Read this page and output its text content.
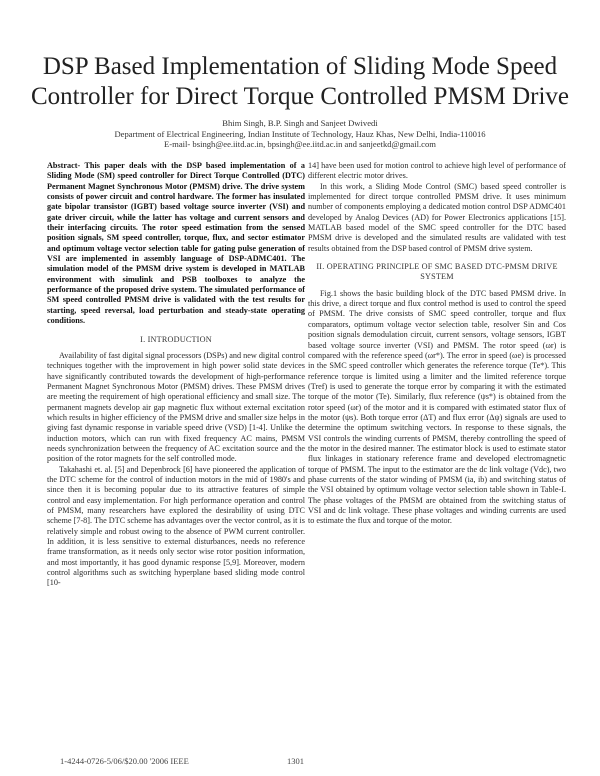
DSP Based Implementation of Sliding Mode Speed
Controller for Direct Torque Controlled PMSM Drive
Bhim Singh, B.P. Singh and Sanjeet Dwivedi
Department of Electrical Engineering, Indian Institute of Technology, Hauz Khas, New Delhi, India-110016
E-mail- bsingh@ee.iitd.ac.in, bpsingh@ee.iitd.ac.in and sanjeetkd@gmail.com

Abstract- This paper deals with the DSP based implementation of a Sliding Mode (SM) speed controller for Direct Torque Controlled (DTC) Permanent Magnet Synchronous Motor (PMSM) drive. The drive system consists of power circuit and control hardware. The former has insulated gate bipolar transistor (IGBT) based voltage source inverter (VSI) and gate driver circuit, while the latter has voltage and current sensors and their interfacing circuits. The rotor speed estimation from the sensed position signals, SM speed controller, torque, flux, and sector estimator and optimum voltage vector selection table for gating pulse generation of VSI are implemented in assembly language of DSP-ADMC401. The simulation model of the PMSM drive system is developed in MATLAB environment with simulink and PSB toolboxes to analyze the performance of the proposed drive system. The simulated performance of SM speed controlled PMSM drive is validated with the test results for starting, speed reversal, load perturbation and steady-state operating conditions.

I. INTRODUCTION

Availability of fast digital signal processors (DSPs) and new digital control techniques together with the improvement in high power solid state devices have significantly contributed towards the development of high-performance Permanent Magnet Synchronous Motor (PMSM) drives. These PMSM drives are meeting the requirement of high operational efficiency and small size. The permanent magnets develop air gap magnetic flux without external excitation which results in higher efficiency of the PMSM drive and smaller size helps in giving fast dynamic response in variable speed drive (VSD) [1-4]. Unlike the induction motors, which can run with fixed frequency AC mains, PMSM needs synchronization between the frequency of AC excitation source and the position of the rotor magnets for the self controlled mode.

Takahashi et. al. [5] and Depenbrock [6] have pioneered the application of the DTC scheme for the control of induction motors in the mid of 1980's and since then it is becoming popular due to its attractive features of simple control and easy implementation. For high performance operation and control of PMSM, many researchers have explored the desirability of using DTC scheme [7-8]. The DTC scheme has advantages over the vector control, as it is relatively simple and robust owing to the absence of PWM current controller. In addition, it is less sensitive to external disturbances, needs no reference frame transformation, as it needs only sector wise rotor position information, and most importantly, it has good dynamic response [5,9]. Moreover, modern control algorithms such as switching hyperplane based sliding mode control [10-

14] have been used for motion control to achieve high level of performance of different electric motor drives.

In this work, a Sliding Mode Control (SMC) based speed controller is implemented for direct torque controlled PMSM drive. It uses minimum number of components employing a dedicated motion control DSP ADMC401 developed by Analog Devices (AD) for Power Electronics applications [15]. MATLAB based model of the SMC speed controller for the DTC based PMSM drive is developed and the simulated results are validated with test results obtained from the DSP based control of PMSM drive system.

II. OPERATING PRINCIPLE OF SMC BASED DTC-PMSM DRIVE SYSTEM

Fig.1 shows the basic building block of the DTC based PMSM drive. In this drive, a direct torque and flux control method is used to control the speed of PMSM. The drive consists of SMC speed controller, torque and flux comparators, optimum voltage vector selection table, resolver Sin and Cos position signals demodulation circuit, current sensors, voltage sensors, IGBT based voltage source inverter (VSI) and PMSM. The rotor speed (ωr) is compared with the reference speed (ωr*). The error in speed (ωe) is processed in the SMC speed controller which generates the reference torque (Te*). This reference torque is limited using a limiter and the limited reference torque (Tref) is used to generate the torque error by comparing it with the estimated torque of the motor (Te). Similarly, flux reference (ψs*) is obtained from the rotor speed (ωr) of the motor and it is compared with estimated stator flux of the motor (ψs). Both torque error (ΔT) and flux error (Δψ) signals are used to determine the optimum switching vectors. In response to these signals, the VSI controls the winding currents of PMSM, thereby controlling the speed of the motor in the desired manner. The estimator block is used to estimate stator flux linkages in stationary reference frame and developed electromagnetic torque of PMSM. The input to the estimator are the dc link voltage (Vdc), two phase currents of the stator winding of PMSM (ia, ib) and switching status of the VSI obtained by optimum voltage vector selection table shown in Table-I. The phase voltages of the PMSM are obtained from the switching status of VSI and dc link voltage. These phase voltages and winding currents are used to estimate the flux and torque of the motor.

1-4244-0726-5/06/$20.00 '2006 IEEE	1301
